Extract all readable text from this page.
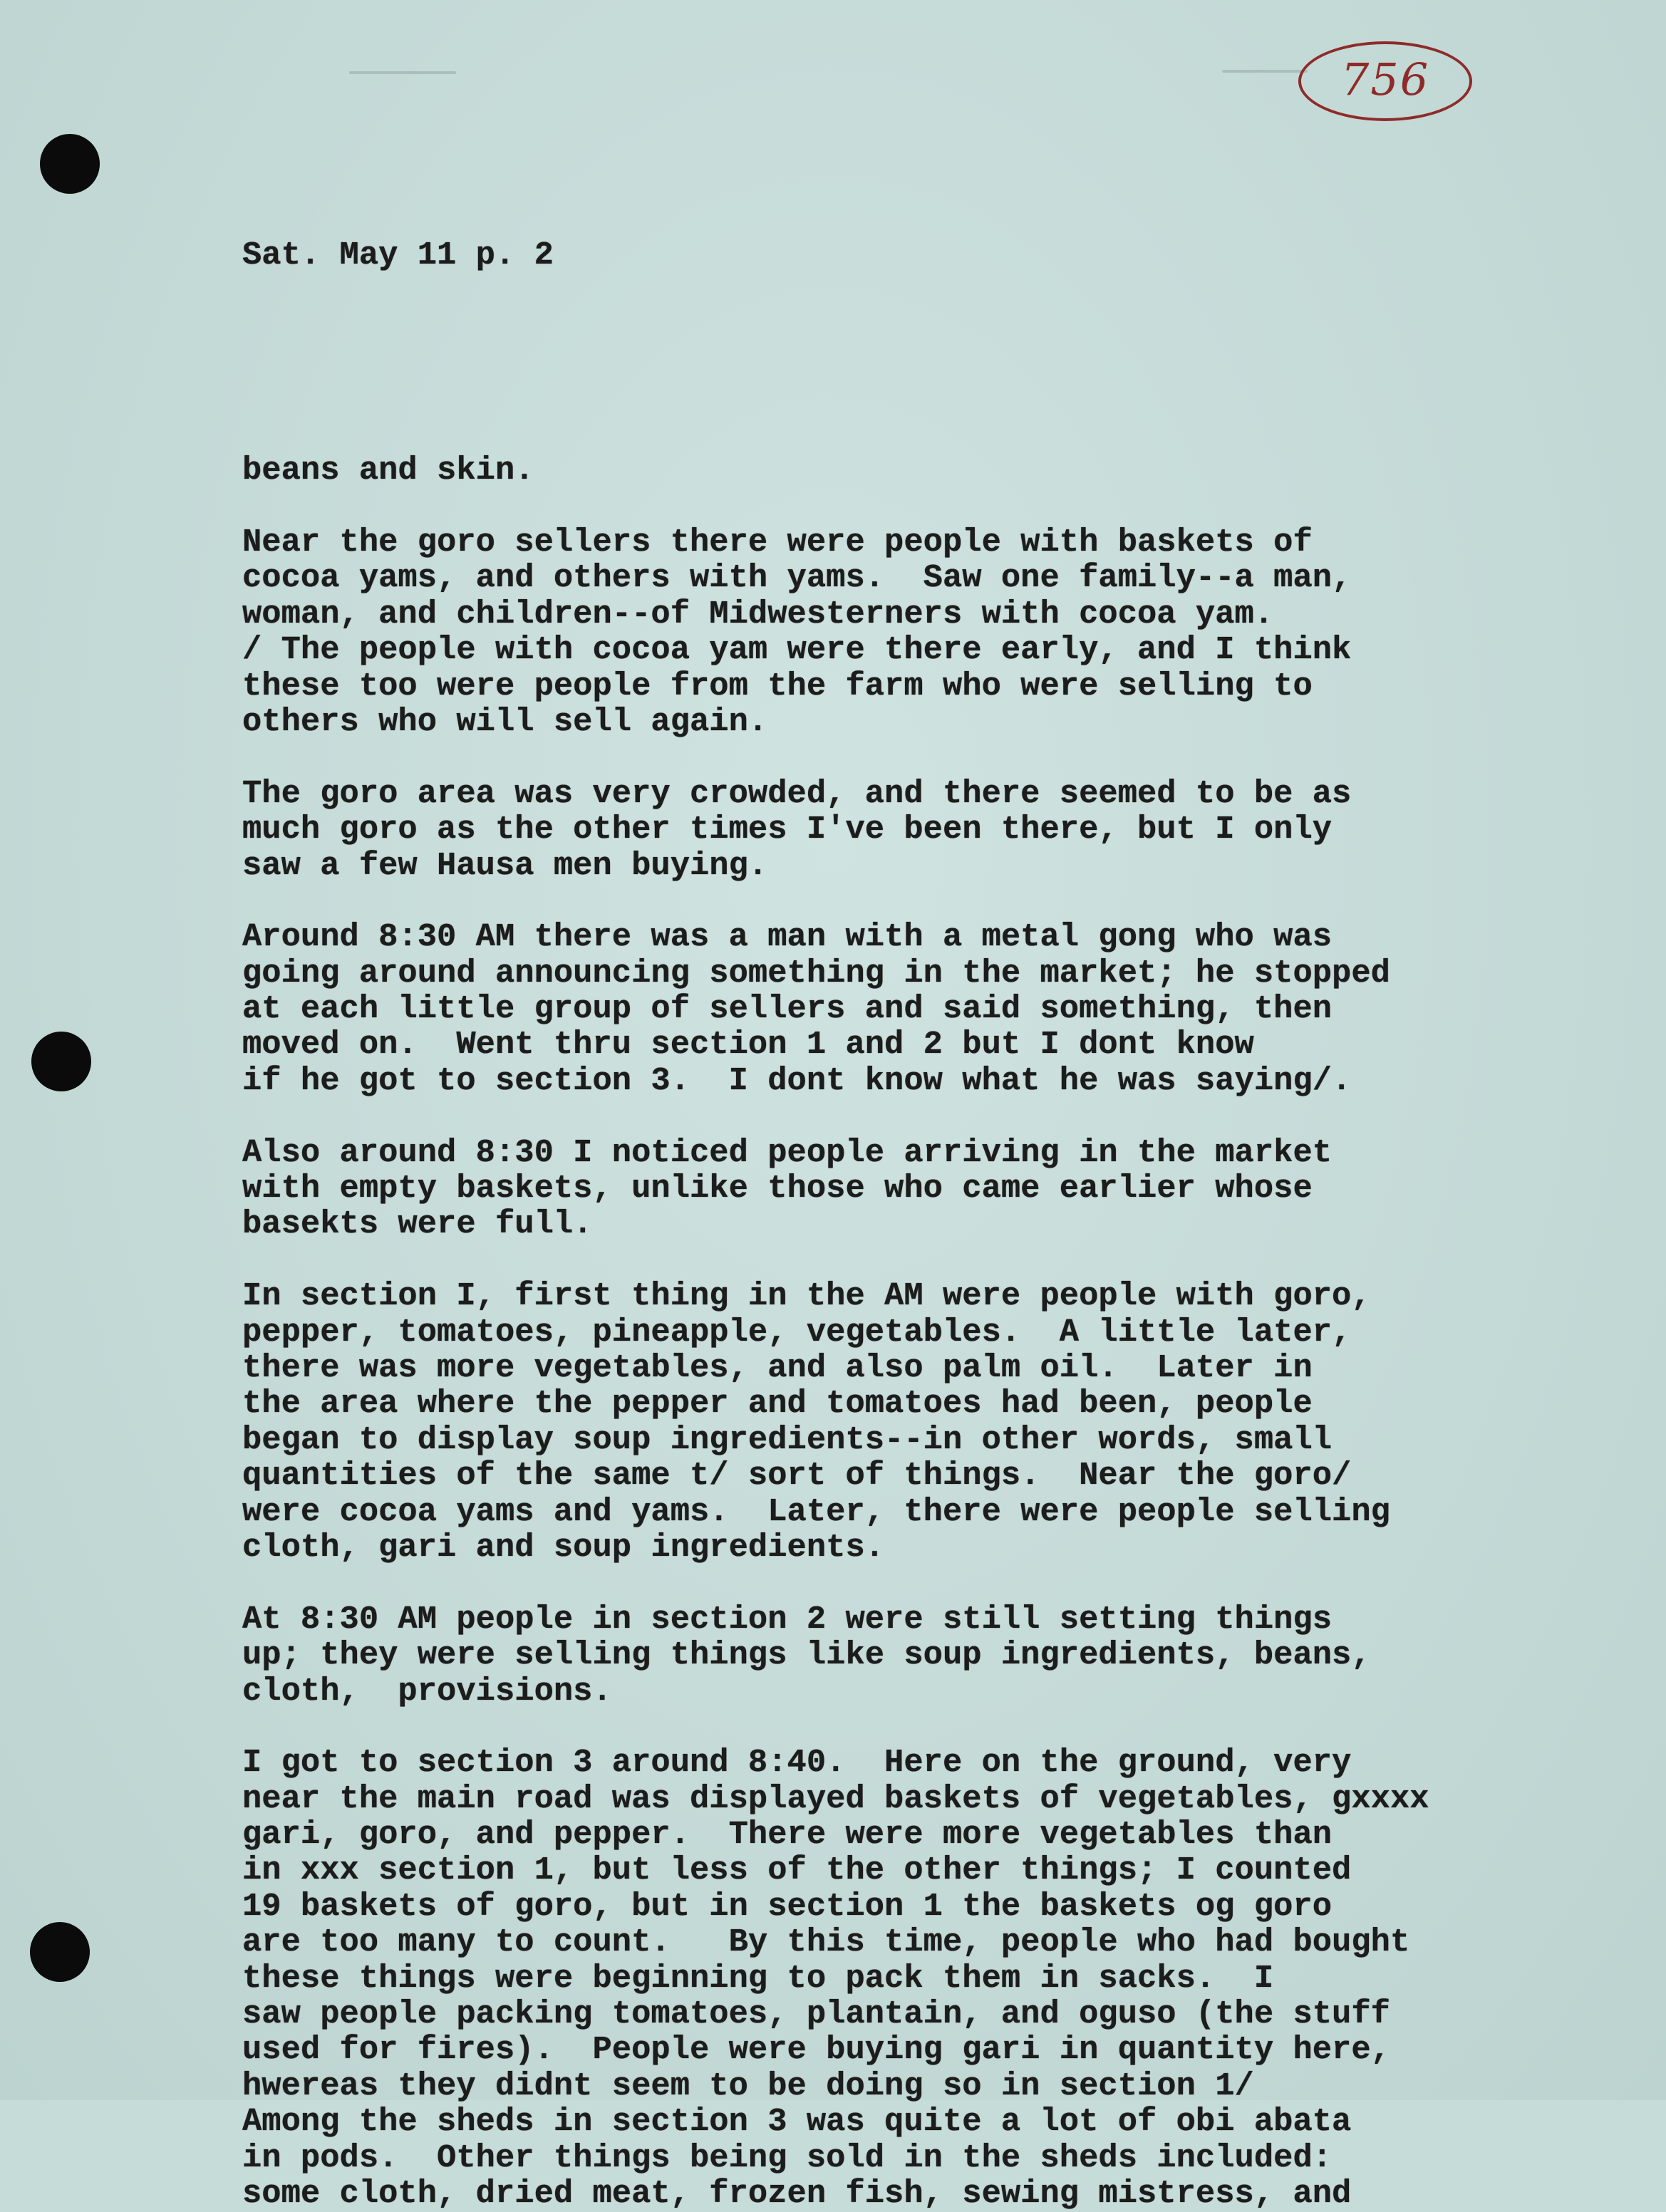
756

Sat. May 11 p. 2

beans and skin.
Near the goro sellers there were people with baskets of
cocoa yams, and others with yams.  Saw one family--a man,
woman, and children--of Midwesterners with cocoa yam.
/ The people with cocoa yam were there early, and I think
these too were people from the farm who were selling to
others who will sell again.
The goro area was very crowded, and there seemed to be as
much goro as the other times I've been there, but I only
saw a few Hausa men buying.
Around 8:30 AM there was a man with a metal gong who was
going around announcing something in the market; he stopped
at each little group of sellers and said something, then
moved on.  Went thru section 1 and 2 but I dont know
if he got to section 3.  I dont know what he was saying/.
Also around 8:30 I noticed people arriving in the market
with empty baskets, unlike those who came earlier whose
basekts were full.
In section I, first thing in the AM were people with goro,
pepper, tomatoes, pineapple, vegetables.  A little later,
there was more vegetables, and also palm oil.  Later in
the area where the pepper and tomatoes had been, people
began to display soup ingredients--in other words, small
quantities of the same t/ sort of things.  Near the goro/
were cocoa yams and yams.  Later, there were people selling
cloth, gari and soup ingredients.
At 8:30 AM people in section 2 were still setting things
up; they were selling things like soup ingredients, beans,
cloth,  provisions.
I got to section 3 around 8:40.  Here on the ground, very
near the main road was displayed baskets of vegetables, gxxxx
gari, goro, and pepper.  There were more vegetables than
in xxx section 1, but less of the other things; I counted
19 baskets of goro, but in section 1 the baskets og goro
are too many to count.   By this time, people who had bought
these things were beginning to pack them in sacks.  I
saw people packing tomatoes, plantain, and oguso (the stuff
used for fires).  People were buying gari in quantity here,
hwereas they didnt seem to be doing so in section 1/
Among the sheds in section 3 was quite a lot of obi abata
in pods.  Other things being sold in the sheds included:
some cloth, dried meat, frozen fish, sewing mistress, and
